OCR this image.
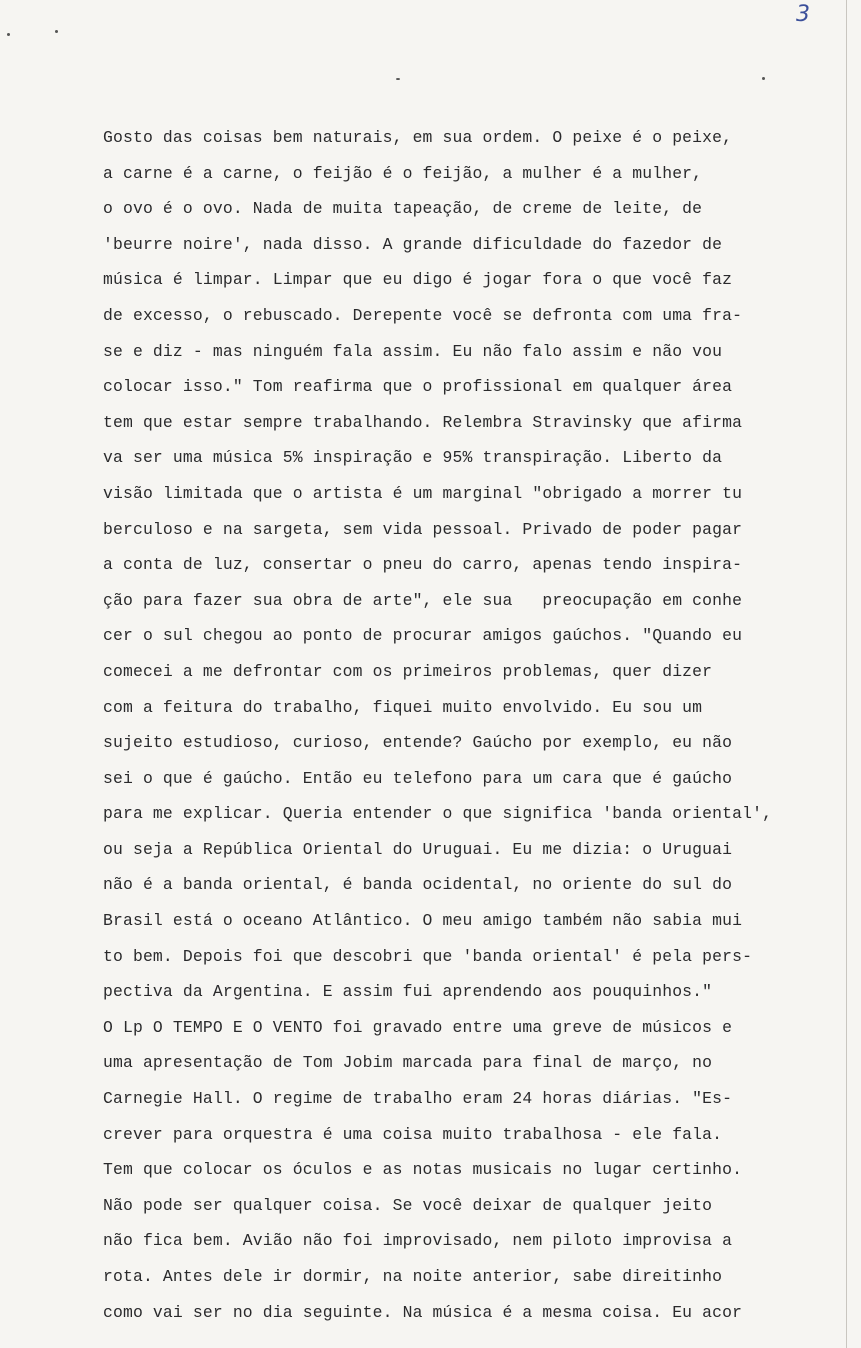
3
Gosto das coisas bem naturais, em sua ordem. O peixe é o peixe,
a carne é a carne, o feijão é o feijão, a mulher é a mulher,
o ovo é o ovo. Nada de muita tapeação, de creme de leite, de
'beurre noire', nada disso. A grande dificuldade do fazedor de
música é limpar. Limpar que eu digo é jogar fora o que você faz
de excesso, o rebuscado. Derepente você se defronta com uma fra-
se e diz - mas ninguém fala assim. Eu não falo assim e não vou
colocar isso." Tom reafirma que o profissional em qualquer área
tem que estar sempre trabalhando. Relembra Stravinsky que afirma
va ser uma música 5% inspiração e 95% transpiração. Liberto da
visão limitada que o artista é um marginal "obrigado a morrer tu
berculoso e na sargeta, sem vida pessoal. Privado de poder pagar
a conta de luz, consertar o pneu do carro, apenas tendo inspira-
ção para fazer sua obra de arte", ele sua   preocupação em conhe
cer o sul chegou ao ponto de procurar amigos gaúchos. "Quando eu
comecei a me defrontar com os primeiros problemas, quer dizer
com a feitura do trabalho, fiquei muito envolvido. Eu sou um
sujeito estudioso, curioso, entende? Gaúcho por exemplo, eu não
sei o que é gaúcho. Então eu telefono para um cara que é gaúcho
para me explicar. Queria entender o que significa 'banda oriental',
ou seja a República Oriental do Uruguai. Eu me dizia: o Uruguai
não é a banda oriental, é banda ocidental, no oriente do sul do
Brasil está o oceano Atlântico. O meu amigo também não sabia mui
to bem. Depois foi que descobri que 'banda oriental' é pela pers-
pectiva da Argentina. E assim fui aprendendo aos pouquinhos."
O Lp O TEMPO E O VENTO foi gravado entre uma greve de músicos e
uma apresentação de Tom Jobim marcada para final de março, no
Carnegie Hall. O regime de trabalho eram 24 horas diárias. "Es-
crever para orquestra é uma coisa muito trabalhosa - ele fala.
Tem que colocar os óculos e as notas musicais no lugar certinho.
Não pode ser qualquer coisa. Se você deixar de qualquer jeito
não fica bem. Avião não foi improvisado, nem piloto improvisa a
rota. Antes dele ir dormir, na noite anterior, sabe direitinho
como vai ser no dia seguinte. Na música é a mesma coisa. Eu acor
